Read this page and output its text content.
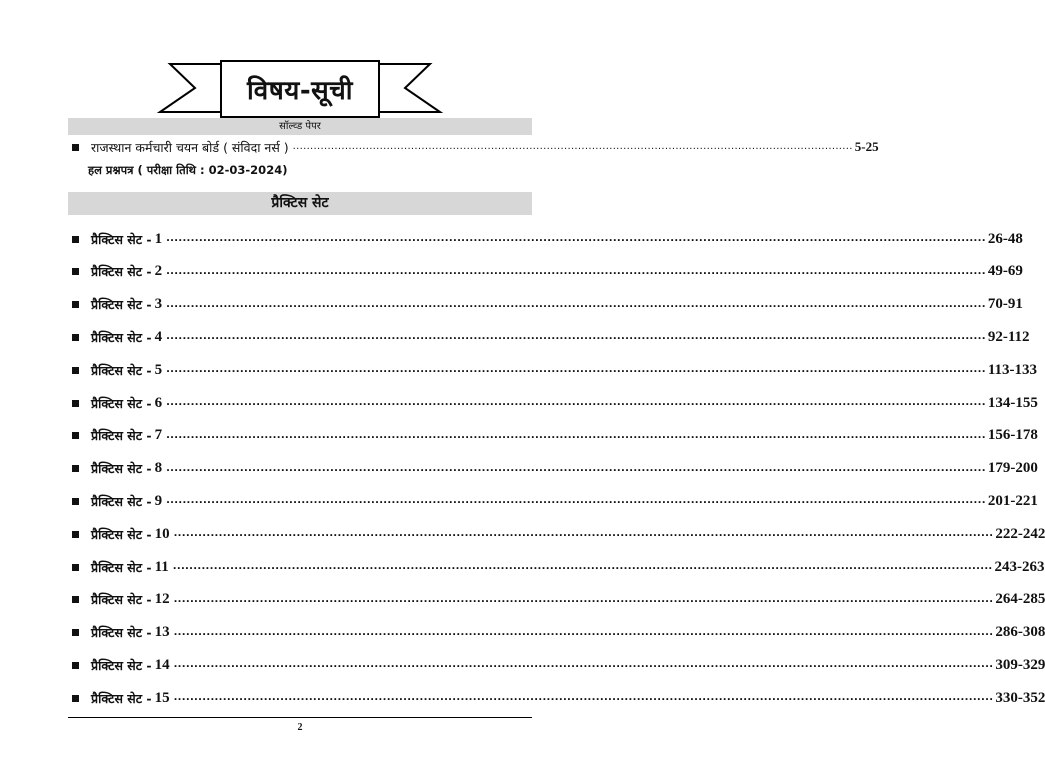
विषय-सूची
सॉल्व्ड पेपर
राजस्थान कर्मचारी चयन बोर्ड ( संविदा नर्स ) ................................................................................................................................................................. 5-25
हल प्रश्नपत्र ( परीक्षा तिथि : 02-03-2024)
प्रैक्टिस सेट
प्रैक्टिस सेट - 1 ........................................................................................................................................................................................................ 26-48
प्रैक्टिस सेट - 2 ........................................................................................................................................................................................................ 49-69
प्रैक्टिस सेट - 3 ........................................................................................................................................................................................................ 70-91
प्रैक्टिस सेट - 4 ........................................................................................................................................................................................................ 92-112
प्रैक्टिस सेट - 5 ........................................................................................................................................................................................................ 113-133
प्रैक्टिस सेट - 6 ........................................................................................................................................................................................................ 134-155
प्रैक्टिस सेट - 7 ........................................................................................................................................................................................................ 156-178
प्रैक्टिस सेट - 8 ........................................................................................................................................................................................................ 179-200
प्रैक्टिस सेट - 9 ........................................................................................................................................................................................................ 201-221
प्रैक्टिस सेट - 10 ........................................................................................................................................................................................................ 222-242
प्रैक्टिस सेट - 11 ........................................................................................................................................................................................................ 243-263
प्रैक्टिस सेट - 12 ........................................................................................................................................................................................................ 264-285
प्रैक्टिस सेट - 13 ........................................................................................................................................................................................................ 286-308
प्रैक्टिस सेट - 14 ........................................................................................................................................................................................................ 309-329
प्रैक्टिस सेट - 15 ........................................................................................................................................................................................................ 330-352
2
